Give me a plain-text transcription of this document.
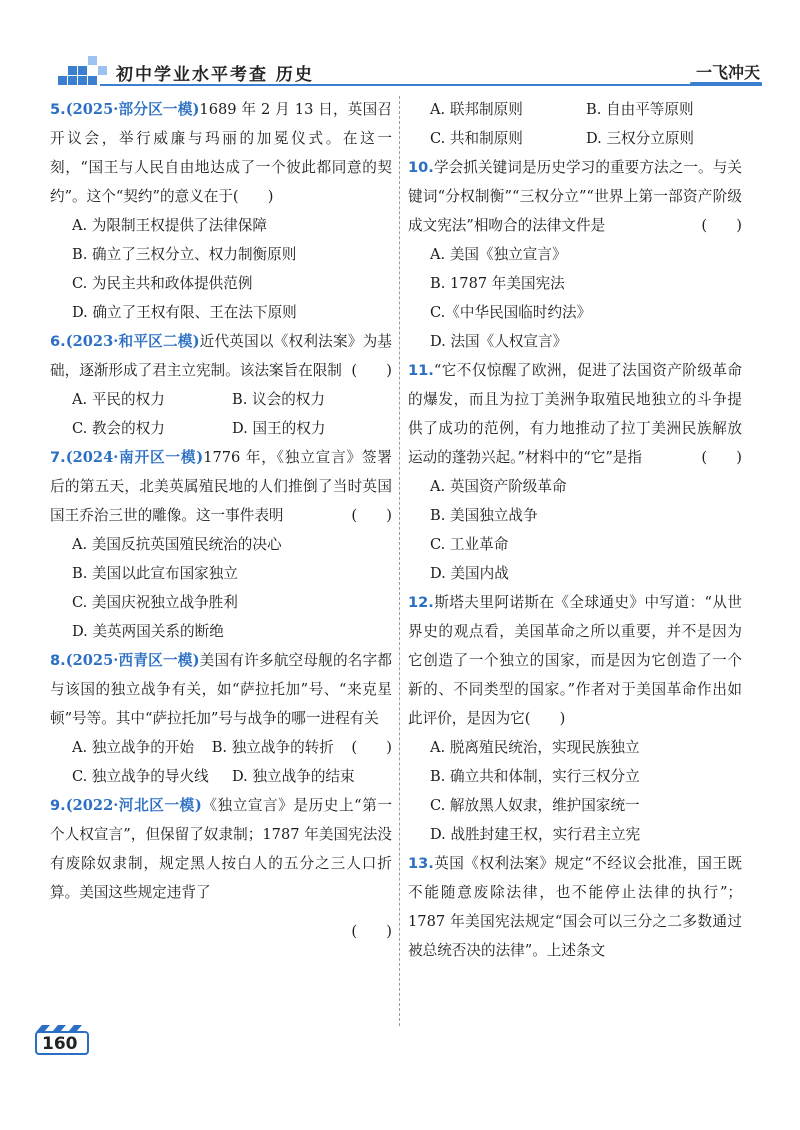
初中学业水平考查 历史	一飞冲天
5.(2025·部分区一模)1689 年 2 月 13 日，英国召开议会，举行威廉与玛丽的加冕仪式。在这一刻，“国王与人民自由地达成了一个彼此都同意的契约”。这个“契约”的意义在于(　　)
A. 为限制王权提供了法律保障
B. 确立了三权分立、权力制衡原则
C. 为民主共和政体提供范例
D. 确立了王权有限、王在法下原则
6.(2023·和平区二模)近代英国以《权利法案》为基础，逐渐形成了君主立宪制。该法案旨在限制 (　　)
A. 平民的权力	B. 议会的权力
C. 教会的权力	D. 国王的权力
7.(2024·南开区一模)1776 年，《独立宣言》签署后的第五天，北美英属殖民地的人们推倒了当时英国国王乔治三世的雕像。这一事件表明	(　　)
A. 美国反抗英国殖民统治的决心
B. 美国以此宣布国家独立
C. 美国庆祝独立战争胜利
D. 美英两国关系的断绝
8.(2025·西青区一模)美国有许多航空母舰的名字都与该国的独立战争有关，如“萨拉托加”号、“来克星顿”号等。其中“萨拉托加”号与战争的哪一进程有关
(　　)
A. 独立战争的开始	B. 独立战争的转折
C. 独立战争的导火线	D. 独立战争的结束
9.(2022·河北区一模)《独立宣言》是历史上“第一个人权宣言”，但保留了奴隶制；1787 年美国宪法没有废除奴隶制，规定黑人按白人的五分之三人口折算。美国这些规定违背了
(　　)
A. 联邦制原则	B. 自由平等原则
C. 共和制原则	D. 三权分立原则
10.学会抓关键词是历史学习的重要方法之一。与关键词“分权制衡”“三权分立”“世界上第一部资产阶级成文宪法”相吻合的法律文件是	(　　)
A. 美国《独立宣言》
B. 1787 年美国宪法
C.《中华民国临时约法》
D. 法国《人权宣言》
11.“它不仅惊醒了欧洲，促进了法国资产阶级革命的爆发，而且为拉丁美洲争取殖民地独立的斗争提供了成功的范例，有力地推动了拉丁美洲民族解放运动的蓬勃兴起。”材料中的“它”是指	(　　)
A. 英国资产阶级革命
B. 美国独立战争
C. 工业革命
D. 美国内战
12.斯塔夫里阿诺斯在《全球通史》中写道：“从世界史的观点看，美国革命之所以重要，并不是因为它创造了一个独立的国家，而是因为它创造了一个新的、不同类型的国家。”作者对于美国革命作出如此评价，是因为它(　　)
A. 脱离殖民统治，实现民族独立
B. 确立共和体制，实行三权分立
C. 解放黑人奴隶，维护国家统一
D. 战胜封建王权，实行君主立宪
13.英国《权利法案》规定“不经议会批准，国王既不能随意废除法律，也不能停止法律的执行”；1787 年美国宪法规定“国会可以三分之二多数通过被总统否决的法律”。上述条文
160
